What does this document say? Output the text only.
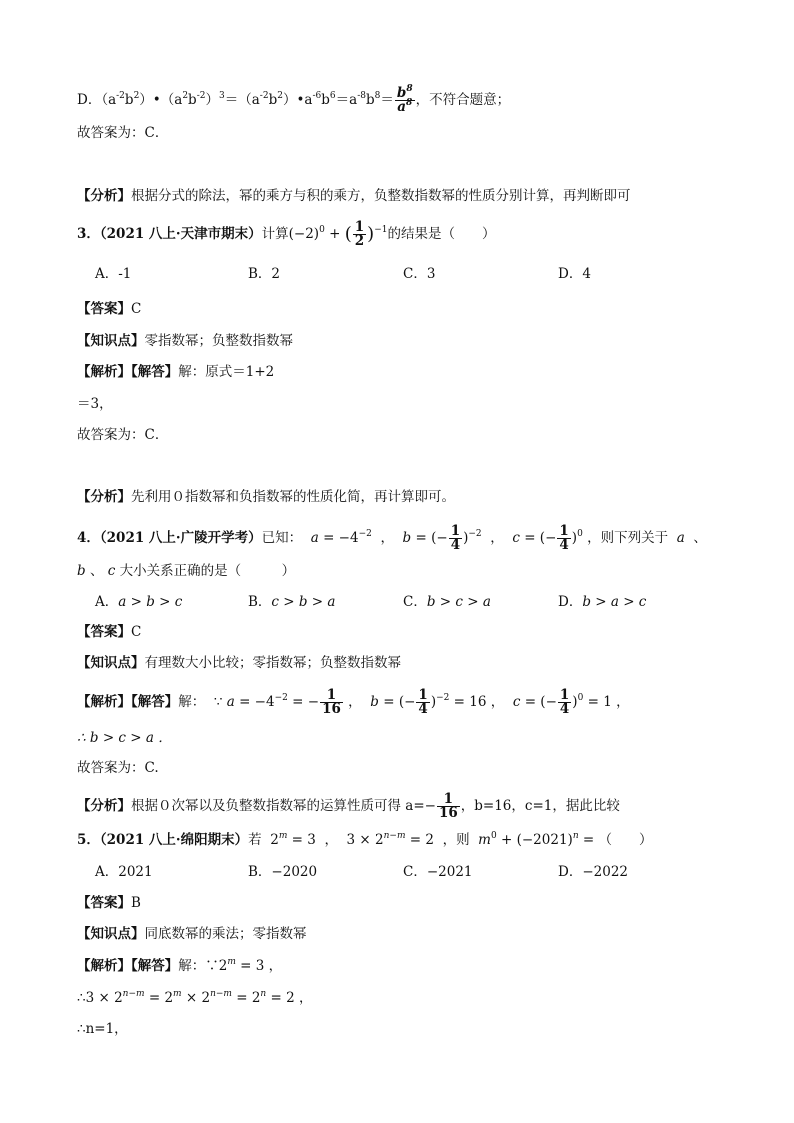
D．$(a^{-2}b^2)•(a^2b^{-2})^3=(a^{-2}b^2)•a^{-6}b^6=a^{-8}b^8= \frac{b^8}{a^8}$ ，不符合题意；
故答案为：C．
【分析】根据分式的除法，幂的乘方与积的乘方，负整数指数幂的性质分别计算，再判断即可
3．（2021 八上·天津市期末）计算$(-2)^0$ + ( $\frac{1}{2} )^{-1}$的结果是（　　）
A．-1	B．2	C．3	D．4
【答案】C
【知识点】零指数幂；负整数指数幂
【解析】【解答】解：原式＝1+2
＝3，
故答案为：C．
【分析】先利用０指数幂和负指数幂的性质化简，再计算即可。
4．（2021 八上·广陵开学考）已知：  $a = -4^{-2}$  ，  b = (− $\frac{1}{4} )^{-2}$  ，  c = (− $\frac{1}{4} )^0$ ，则下列关于  a  、
b 、 c 大小关系正确的是（　　　）
A．a > b > c	B．c > b > a	C．b > c > a	D．b > a > c
【答案】C
【知识点】有理数大小比较；零指数幂；负整数指数幂
【解析】【解答】解： ∵ $a = -4^{-2}$ = − $\frac{1}{16}$ ，  b = (− $\frac{1}{4} )^{-2} = 16$ ，  c = (− $\frac{1}{4} )^0 = 1$ ，
∴ b > c > a ．
故答案为：C.
【分析】根据０次幂以及负整数指数幂的运算性质可得 $a=- \frac{1}{16}$ ，b=16，c=1，据此比较
5．（2021 八上·绵阳期末）若 $2^m = 3$  ，  $3 \times 2^{n-m} = 2$  ，则  $m^0 + (-2021)^n$ = （　　）
A．2021	B．−2020	C．−2021	D．−2022
【答案】B
【知识点】同底数幂的乘法；零指数幂
【解析】【解答】解：$\because 2^m = 3$ ，
∴3 × $2^{n-m} = 2^m \times 2^{n-m} = 2^n = 2$ ，
∴n=1，
